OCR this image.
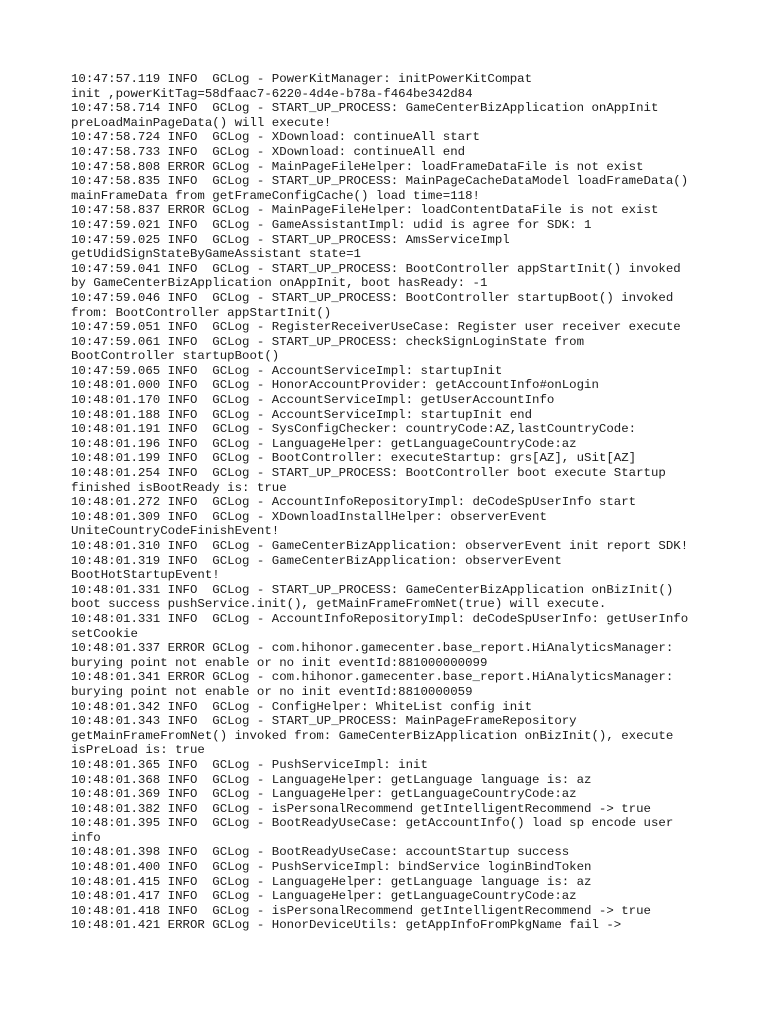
10:47:57.119 INFO  GCLog - PowerKitManager: initPowerKitCompat
init ,powerKitTag=58dfaac7-6220-4d4e-b78a-f464be342d84
10:47:58.714 INFO  GCLog - START_UP_PROCESS: GameCenterBizApplication onAppInit
preLoadMainPageData() will execute!
10:47:58.724 INFO  GCLog - XDownload: continueAll start
10:47:58.733 INFO  GCLog - XDownload: continueAll end
10:47:58.808 ERROR GCLog - MainPageFileHelper: loadFrameDataFile is not exist
10:47:58.835 INFO  GCLog - START_UP_PROCESS: MainPageCacheDataModel loadFrameData()
mainFrameData from getFrameConfigCache() load time=118!
10:47:58.837 ERROR GCLog - MainPageFileHelper: loadContentDataFile is not exist
10:47:59.021 INFO  GCLog - GameAssistantImpl: udid is agree for SDK: 1
10:47:59.025 INFO  GCLog - START_UP_PROCESS: AmsServiceImpl
getUdidSignStateByGameAssistant state=1
10:47:59.041 INFO  GCLog - START_UP_PROCESS: BootController appStartInit() invoked
by GameCenterBizApplication onAppInit, boot hasReady: -1
10:47:59.046 INFO  GCLog - START_UP_PROCESS: BootController startupBoot() invoked
from: BootController appStartInit()
10:47:59.051 INFO  GCLog - RegisterReceiverUseCase: Register user receiver execute
10:47:59.061 INFO  GCLog - START_UP_PROCESS: checkSignLoginState from
BootController startupBoot()
10:47:59.065 INFO  GCLog - AccountServiceImpl: startupInit
10:48:01.000 INFO  GCLog - HonorAccountProvider: getAccountInfo#onLogin
10:48:01.170 INFO  GCLog - AccountServiceImpl: getUserAccountInfo
10:48:01.188 INFO  GCLog - AccountServiceImpl: startupInit end
10:48:01.191 INFO  GCLog - SysConfigChecker: countryCode:AZ,lastCountryCode:
10:48:01.196 INFO  GCLog - LanguageHelper: getLanguageCountryCode:az
10:48:01.199 INFO  GCLog - BootController: executeStartup: grs[AZ], uSit[AZ]
10:48:01.254 INFO  GCLog - START_UP_PROCESS: BootController boot execute Startup
finished isBootReady is: true
10:48:01.272 INFO  GCLog - AccountInfoRepositoryImpl: deCodeSpUserInfo start
10:48:01.309 INFO  GCLog - XDownloadInstallHelper: observerEvent
UniteCountryCodeFinishEvent!
10:48:01.310 INFO  GCLog - GameCenterBizApplication: observerEvent init report SDK!
10:48:01.319 INFO  GCLog - GameCenterBizApplication: observerEvent
BootHotStartupEvent!
10:48:01.331 INFO  GCLog - START_UP_PROCESS: GameCenterBizApplication onBizInit()
boot success pushService.init(), getMainFrameFromNet(true) will execute.
10:48:01.331 INFO  GCLog - AccountInfoRepositoryImpl: deCodeSpUserInfo: getUserInfo
setCookie
10:48:01.337 ERROR GCLog - com.hihonor.gamecenter.base_report.HiAnalyticsManager:
burying point not enable or no init eventId:881000000099
10:48:01.341 ERROR GCLog - com.hihonor.gamecenter.base_report.HiAnalyticsManager:
burying point not enable or no init eventId:8810000059
10:48:01.342 INFO  GCLog - ConfigHelper: WhiteList config init
10:48:01.343 INFO  GCLog - START_UP_PROCESS: MainPageFrameRepository
getMainFrameFromNet() invoked from: GameCenterBizApplication onBizInit(), execute
isPreLoad is: true
10:48:01.365 INFO  GCLog - PushServiceImpl: init
10:48:01.368 INFO  GCLog - LanguageHelper: getLanguage language is: az
10:48:01.369 INFO  GCLog - LanguageHelper: getLanguageCountryCode:az
10:48:01.382 INFO  GCLog - isPersonalRecommend getIntelligentRecommend -> true
10:48:01.395 INFO  GCLog - BootReadyUseCase: getAccountInfo() load sp encode user
info
10:48:01.398 INFO  GCLog - BootReadyUseCase: accountStartup success
10:48:01.400 INFO  GCLog - PushServiceImpl: bindService loginBindToken
10:48:01.415 INFO  GCLog - LanguageHelper: getLanguage language is: az
10:48:01.417 INFO  GCLog - LanguageHelper: getLanguageCountryCode:az
10:48:01.418 INFO  GCLog - isPersonalRecommend getIntelligentRecommend -> true
10:48:01.421 ERROR GCLog - HonorDeviceUtils: getAppInfoFromPkgName fail ->
